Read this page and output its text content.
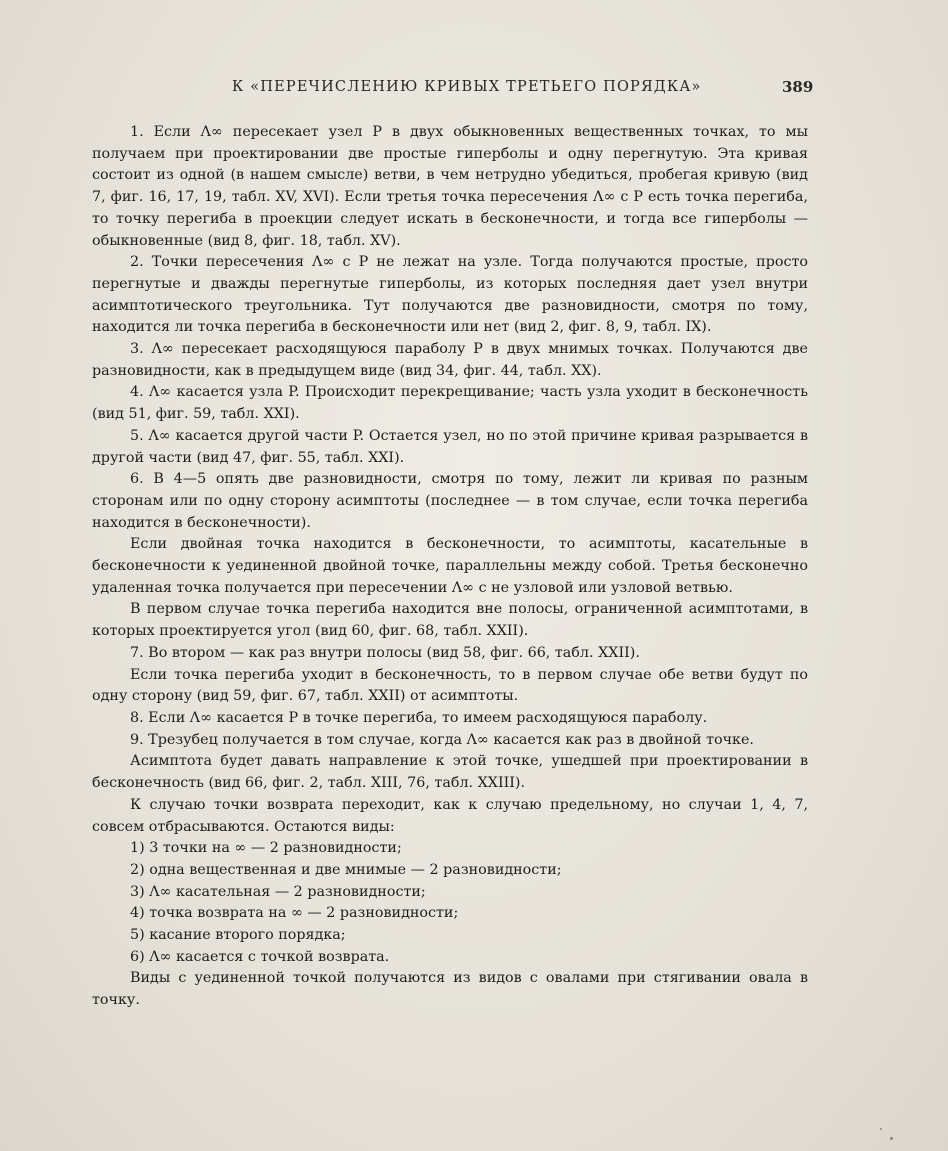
К «ПЕРЕЧИСЛЕНИЮ КРИВЫХ ТРЕТЬЕГО ПОРЯДКА»	389

1. Если Λ∞ пересекает узел P в двух обыкновенных вещественных точках, то мы получаем при проектировании две простые гиперболы и одну перегнутую. Эта кривая состоит из одной (в нашем смысле) ветви, в чем нетрудно убедиться, пробегая кривую (вид 7, фиг. 16, 17, 19, табл. XV, XVI). Если третья точка пересечения Λ∞ с P есть точка перегиба, то точку перегиба в проекции следует искать в бесконечности, и тогда все гиперболы — обыкновенные (вид 8, фиг. 18, табл. XV).

2. Точки пересечения Λ∞ с P не лежат на узле. Тогда получаются простые, просто перегнутые и дважды перегнутые гиперболы, из которых последняя дает узел внутри асимптотического треугольника. Тут получаются две разновидности, смотря по тому, находится ли точка перегиба в бесконечности или нет (вид 2, фиг. 8, 9, табл. IX).

3. Λ∞ пересекает расходящуюся параболу P в двух мнимых точках. Получаются две разновидности, как в предыдущем виде (вид 34, фиг. 44, табл. XX).

4. Λ∞ касается узла P. Происходит перекрещивание; часть узла уходит в бесконечность (вид 51, фиг. 59, табл. XXI).

5. Λ∞ касается другой части P. Остается узел, но по этой причине кривая разрывается в другой части (вид 47, фиг. 55, табл. XXI).

6. В 4—5 опять две разновидности, смотря по тому, лежит ли кривая по разным сторонам или по одну сторону асимптоты (последнее — в том случае, если точка перегиба находится в бесконечности).

Если двойная точка находится в бесконечности, то асимптоты, касательные в бесконечности к уединенной двойной точке, параллельны между собой. Третья бесконечно удаленная точка получается при пересечении Λ∞ с не узловой или узловой ветвью.

В первом случае точка перегиба находится вне полосы, ограниченной асимптотами, в которых проектируется угол (вид 60, фиг. 68, табл. XXII).

7. Во втором — как раз внутри полосы (вид 58, фиг. 66, табл. XXII).

Если точка перегиба уходит в бесконечность, то в первом случае обе ветви будут по одну сторону (вид 59, фиг. 67, табл. XXII) от асимптоты.

8. Если Λ∞ касается P в точке перегиба, то имеем расходящуюся параболу.

9. Трезубец получается в том случае, когда Λ∞ касается как раз в двойной точке.

Асимптота будет давать направление к этой точке, ушедшей при проектировании в бесконечность (вид 66, фиг. 2, табл. XIII, 76, табл. XXIII).

К случаю точки возврата переходит, как к случаю предельному, но случаи 1, 4, 7, совсем отбрасываются. Остаются виды:

1) 3 точки на ∞ — 2 разновидности;

2) одна вещественная и две мнимые — 2 разновидности;

3) Λ∞ касательная — 2 разновидности;

4) точка возврата на ∞ — 2 разновидности;

5) касание второго порядка;

6) Λ∞ касается с точкой возврата.

Виды с уединенной точкой получаются из видов с овалами при стягивании овала в точку.
